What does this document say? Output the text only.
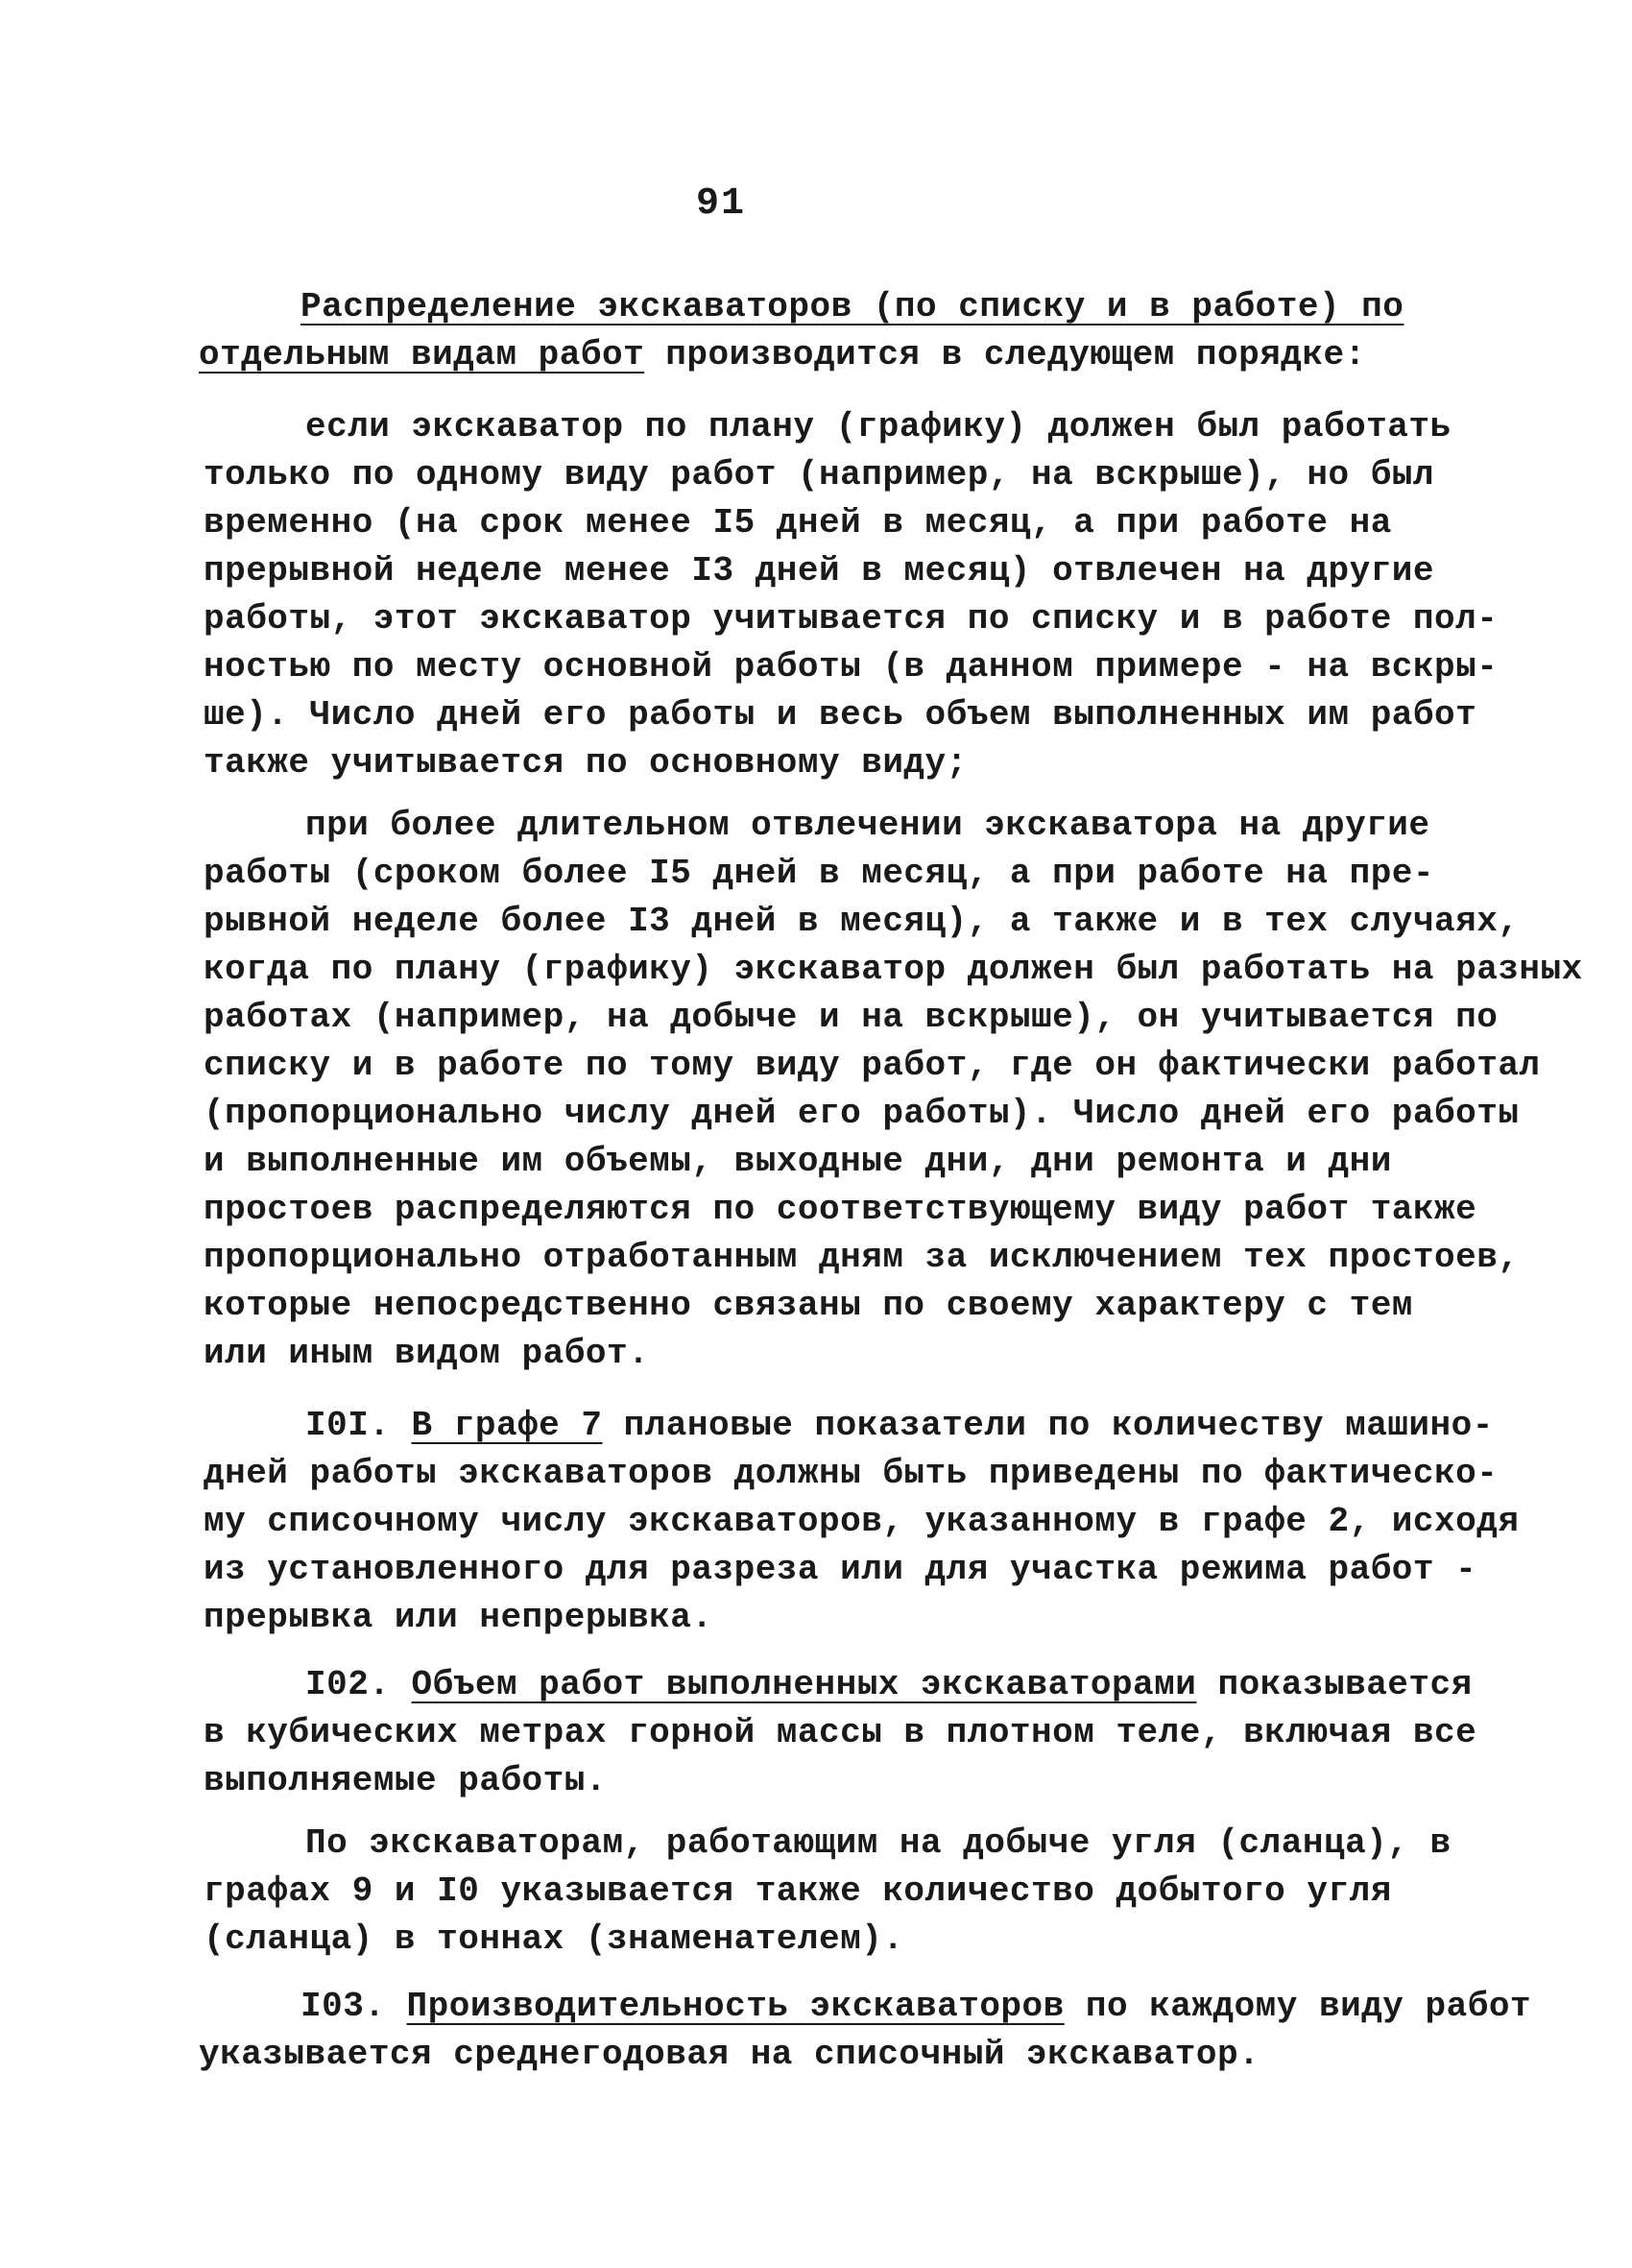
91
Распределение экскаваторов (по списку и в работе) по
отдельным видам работ производится в следующем порядке:
если экскаватор по плану (графику) должен был работать
только по одному виду работ (например, на вскрыше), но был
временно (на срок менее I5 дней в месяц, а при работе на
прерывной неделе менее I3 дней в месяц) отвлечен на другие
работы, этот экскаватор учитывается по списку и в работе пол-
ностью по месту основной работы (в данном примере - на вскры-
ше). Число дней его работы и весь объем выполненных им работ
также учитывается по основному виду;
при более длительном отвлечении экскаватора на другие
работы (сроком более I5 дней в месяц, а при работе на пре-
рывной неделе более I3 дней в месяц), а также и в тех случаях,
когда по плану (графику) экскаватор должен был работать на разных
работах (например, на добыче и на вскрыше), он учитывается по
списку и в работе по тому виду работ, где он фактически работал
(пропорционально числу дней его работы). Число дней его работы
и выполненные им объемы, выходные дни, дни ремонта и дни
простоев распределяются по соответствующему виду работ также
пропорционально отработанным дням за исключением тех простоев,
которые непосредственно связаны по своему характеру с тем
или иным видом работ.
I0I. В графе 7 плановые показатели по количеству машино-
дней работы экскаваторов должны быть приведены по фактическо-
му списочному числу экскаваторов, указанному в графе 2, исходя
из установленного для разреза или для участка режима работ -
прерывка или непрерывка.
I02. Объем работ выполненных экскаваторами показывается
в кубических метрах горной массы в плотном теле, включая все
выполняемые работы.
По экскаваторам, работающим на добыче угля (сланца), в
графах 9 и I0 указывается также количество добытого угля
(сланца) в тоннах (знаменателем).
I03. Производительность экскаваторов по каждому виду работ
указывается среднегодовая на списочный экскаватор.
